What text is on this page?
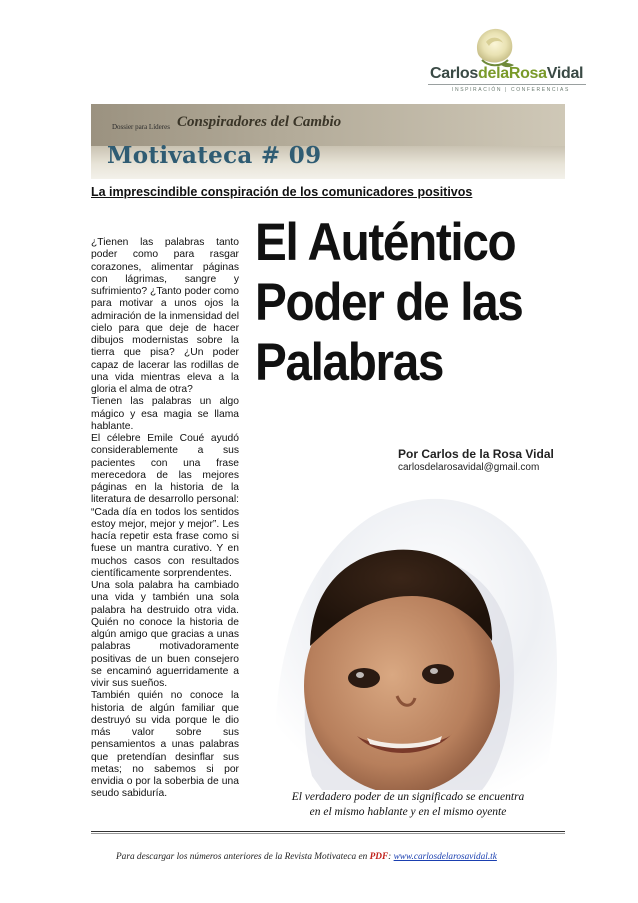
CarlosdelaRosaVidal
INSPIRACIÓN | CONFERENCIAS
Dossier para Líderes Conspiradores del Cambio
Motivateca # 09
La imprescindible conspiración de los comunicadores positivos

¿Tienen las palabras tanto poder como para rasgar corazones, alimentar páginas con lágrimas, sangre y sufrimiento? ¿Tanto poder como para motivar a unos ojos la admiración de la inmensidad del cielo para que deje de hacer dibujos modernistas sobre la tierra que pisa? ¿Un poder capaz de lacerar las rodillas de una vida mientras eleva a la gloria el alma de otra?

Tienen las palabras un algo mágico y esa magia se llama hablante.

El célebre Emile Coué ayudó considerablemente a sus pacientes con una frase merecedora de las mejores páginas en la historia de la literatura de desarrollo personal: “Cada día en todos los sentidos estoy mejor, mejor y mejor”. Les hacía repetir esta frase como si fuese un mantra curativo. Y en muchos casos con resultados científicamente sorprendentes.

Una sola palabra ha cambiado una vida y también una sola palabra ha destruido otra vida. Quién no conoce la historia de algún amigo que gracias a unas palabras motivadoramente positivas de un buen consejero se encaminó aguerridamente a vivir sus sueños.

También quién no conoce la historia de algún familiar que destruyó su vida porque le dio más valor sobre sus pensamientos a unas palabras que pretendían desinflar sus metas; no sabemos si por envidia o por la soberbia de una seudo sabiduría.

El Auténtico
Poder de las
Palabras
Por Carlos de la Rosa Vidal
carlosdelarosavidal@gmail.com
El verdadero poder de un significado se encuentra
en el mismo hablante y en el mismo oyente
Para descargar los números anteriores de la Revista Motivateca en PDF: www.carlosdelarosavidal.tk
